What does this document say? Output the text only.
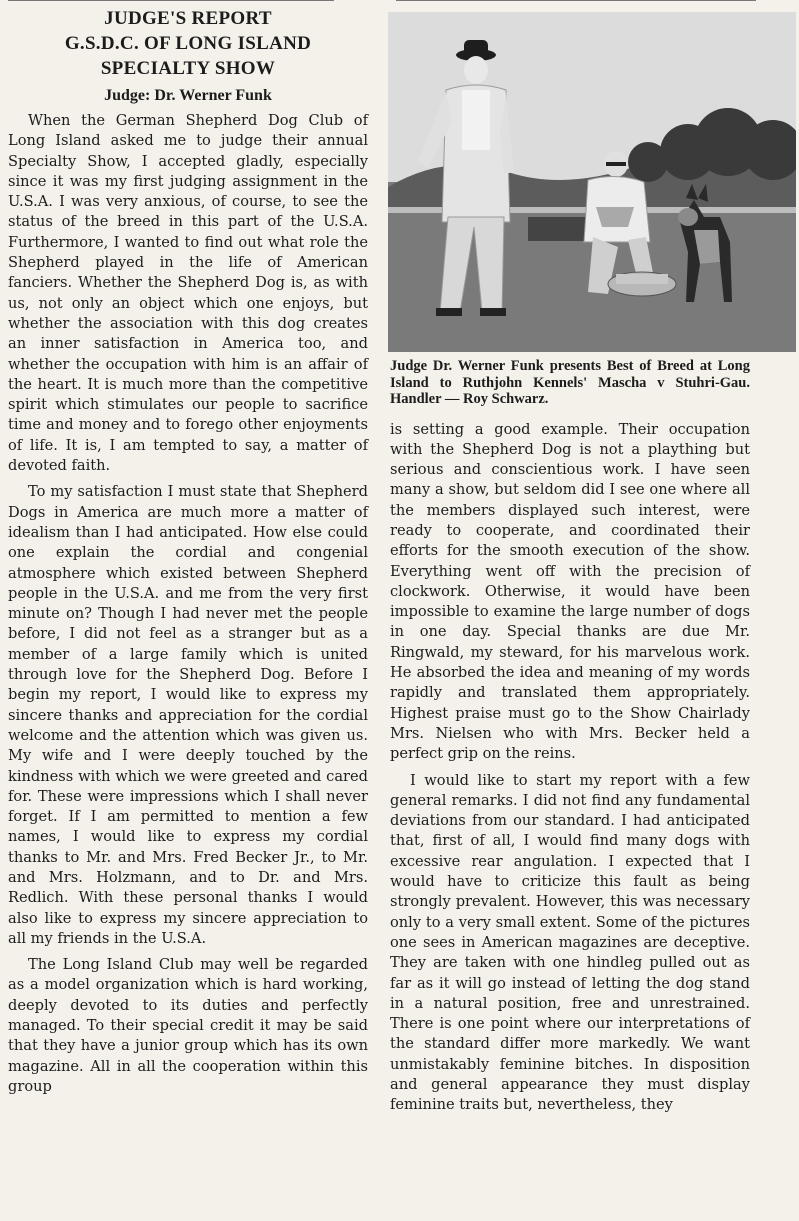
JUDGE'S REPORT
G.S.D.C. OF LONG ISLAND
SPECIALTY SHOW
Judge: Dr. Werner Funk

When the German Shepherd Dog Club of Long Island asked me to judge their annual Specialty Show, I accepted gladly, especially since it was my first judging assignment in the U.S.A. I was very anxious, of course, to see the status of the breed in this part of the U.S.A. Furthermore, I wanted to find out what role the Shepherd played in the life of American fanciers. Whether the Shepherd Dog is, as with us, not only an object which one enjoys, but whether the association with this dog creates an inner satisfaction in America too, and whether the occupation with him is an affair of the heart. It is much more than the competitive spirit which stimulates our people to sacrifice time and money and to forego other enjoyments of life. It is, I am tempted to say, a matter of devoted faith.

To my satisfaction I must state that Shepherd Dogs in America are much more a matter of idealism than I had anticipated. How else could one explain the cordial and congenial atmosphere which existed between Shepherd people in the U.S.A. and me from the very first minute on? Though I had never met the people before, I did not feel as a stranger but as a member of a large family which is united through love for the Shepherd Dog. Before I begin my report, I would like to express my sincere thanks and appreciation for the cordial welcome and the attention which was given us. My wife and I were deeply touched by the kindness with which we were greeted and cared for. These were impressions which I shall never forget. If I am permitted to mention a few names, I would like to express my cordial thanks to Mr. and Mrs. Fred Becker Jr., to Mr. and Mrs. Holzmann, and to Dr. and Mrs. Redlich. With these personal thanks I would also like to express my sincere appreciation to all my friends in the U.S.A.

The Long Island Club may well be regarded as a model organization which is hard working, deeply devoted to its duties and perfectly managed. To their special credit it may be said that they have a junior group which has its own magazine. All in all the cooperation within this group

Judge Dr. Werner Funk presents Best of Breed at Long Island to Ruthjohn Kennels' Mascha v Stuhri-Gau. Handler — Roy Schwarz.

is setting a good example. Their occupation with the Shepherd Dog is not a plaything but serious and conscientious work. I have seen many a show, but seldom did I see one where all the members displayed such interest, were ready to cooperate, and coordinated their efforts for the smooth execution of the show. Everything went off with the precision of clockwork. Otherwise, it would have been impossible to examine the large number of dogs in one day. Special thanks are due Mr. Ringwald, my steward, for his marvelous work. He absorbed the idea and meaning of my words rapidly and translated them appropriately. Highest praise must go to the Show Chairlady Mrs. Nielsen who with Mrs. Becker held a perfect grip on the reins.

I would like to start my report with a few general remarks. I did not find any fundamental deviations from our standard. I had anticipated that, first of all, I would find many dogs with excessive rear angulation. I expected that I would have to criticize this fault as being strongly prevalent. However, this was necessary only to a very small extent. Some of the pictures one sees in American magazines are deceptive. They are taken with one hindleg pulled out as far as it will go instead of letting the dog stand in a natural position, free and unrestrained. There is one point where our interpretations of the standard differ more markedly. We want unmistakably feminine bitches. In disposition and general appearance they must display feminine traits but, nevertheless, they
